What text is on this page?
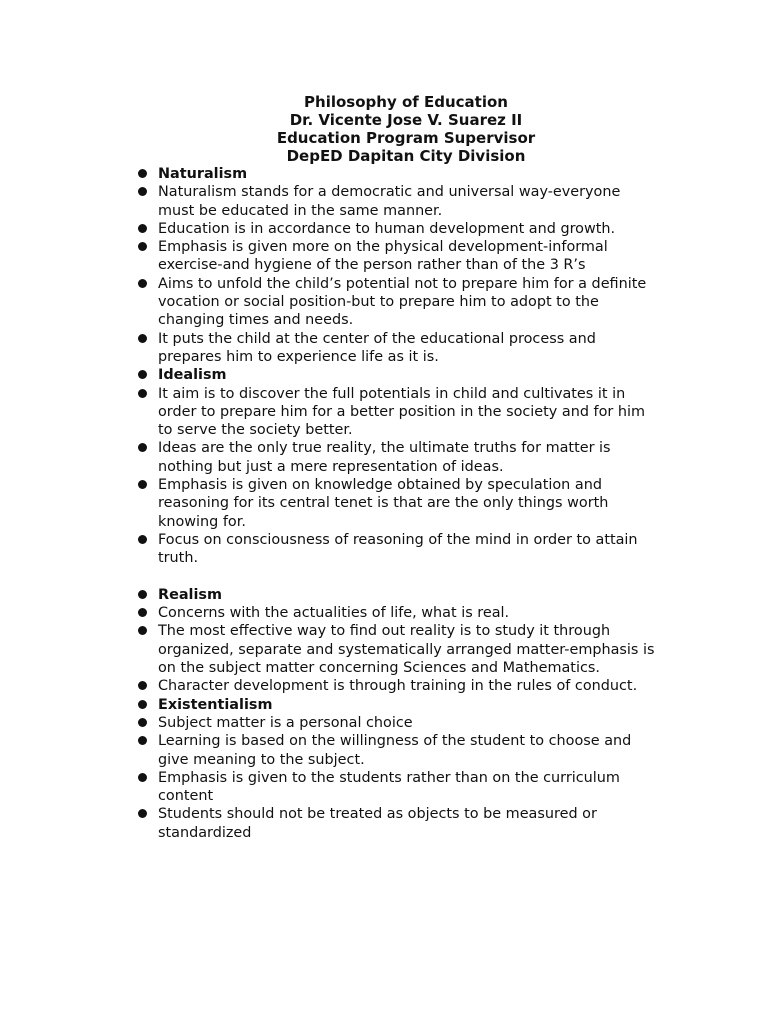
Philosophy of Education
Dr. Vicente Jose V. Suarez II
Education Program Supervisor
DepED Dapitan City Division
Naturalism
Naturalism stands for a democratic and universal way-everyone must be educated in the same manner.
Education is in accordance to human development and growth.
Emphasis is given more on the physical development-informal exercise-and hygiene of the person rather than of the 3 R’s
Aims to unfold the child’s potential not to prepare him for a definite vocation or social position-but to prepare him to adopt to the changing times and needs.
It puts the child at the center of the educational process and prepares him to experience life as it is.
Idealism
It aim is to discover the full potentials in child and cultivates it in order to prepare him for a better position in the society and for him to serve the society better.
Ideas are the only true reality, the ultimate truths for matter is nothing but just a mere representation of ideas.
Emphasis is given on knowledge obtained by speculation and reasoning for its central tenet is that are the only things worth knowing for.
Focus on consciousness of reasoning of the mind in order to attain truth.
Realism
Concerns with the actualities of life, what is real.
The most effective way to find out reality is to study it through organized, separate and systematically arranged matter-emphasis is on the subject matter concerning Sciences and Mathematics.
Character development is through training in the rules of conduct.
Existentialism
Subject matter is a personal choice
Learning is based on the willingness of the student to choose and give meaning to the subject.
Emphasis is given to the students rather than on the curriculum content
Students should not be treated as objects to be measured or standardized
